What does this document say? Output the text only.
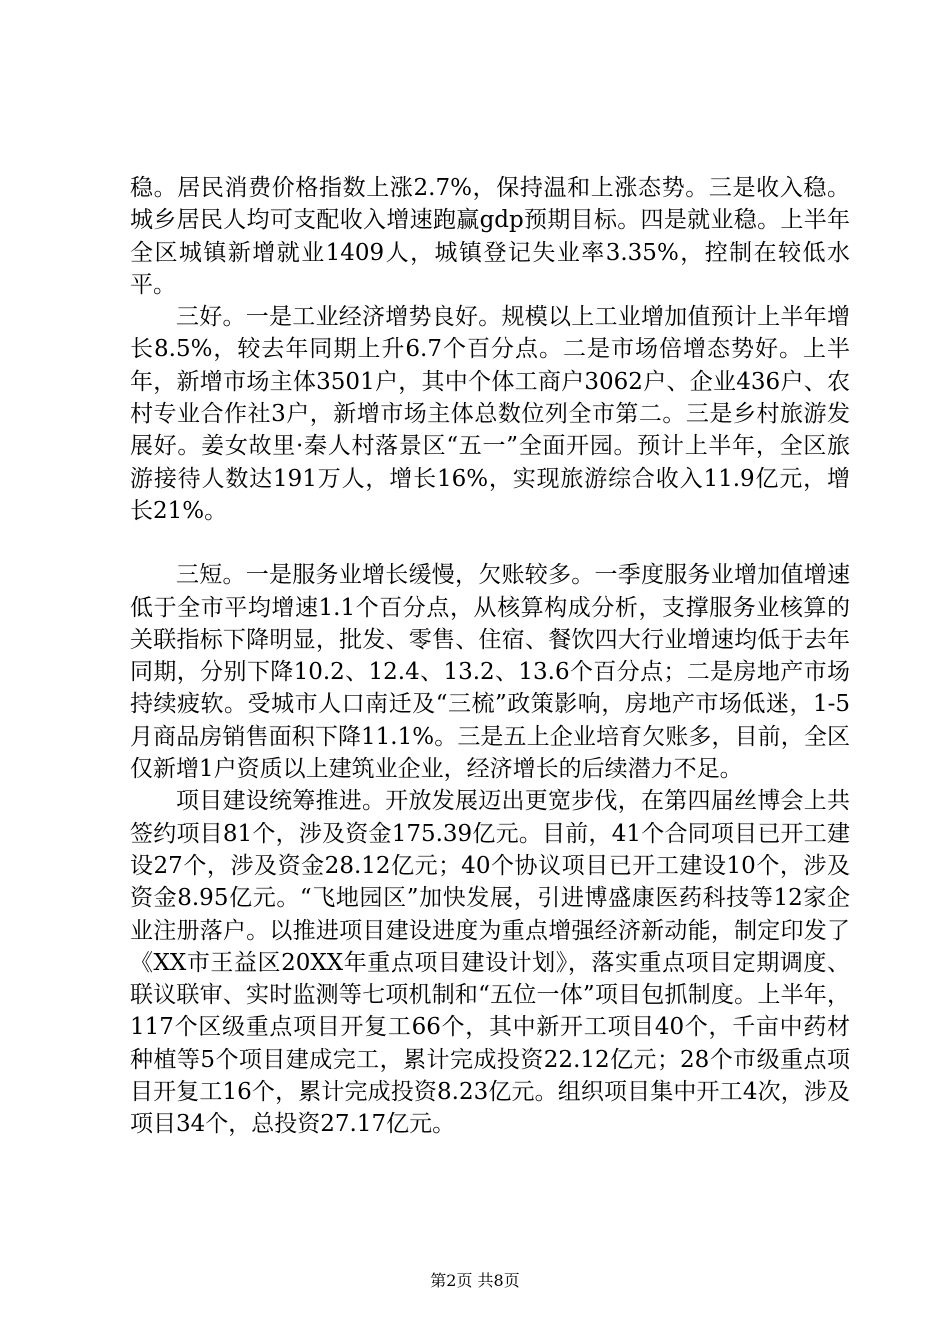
稳。居民消费价格指数上涨2.7%，保持温和上涨态势。三是收入稳。城乡居民人均可支配收入增速跑赢gdp预期目标。四是就业稳。上半年全区城镇新增就业1409人，城镇登记失业率3.35%，控制在较低水平。

三好。一是工业经济增势良好。规模以上工业增加值预计上半年增长8.5%，较去年同期上升6.7个百分点。二是市场倍增态势好。上半年，新增市场主体3501户，其中个体工商户3062户、企业436户、农村专业合作社3户，新增市场主体总数位列全市第二。三是乡村旅游发展好。姜女故里·秦人村落景区“五一”全面开园。预计上半年，全区旅游接待人数达191万人，增长16%，实现旅游综合收入11.9亿元，增长21%。

三短。一是服务业增长缓慢，欠账较多。一季度服务业增加值增速低于全市平均增速1.1个百分点，从核算构成分析，支撑服务业核算的关联指标下降明显，批发、零售、住宿、餐饮四大行业增速均低于去年同期，分别下降10.2、12.4、13.2、13.6个百分点；二是房地产市场持续疲软。受城市人口南迁及“三梳”政策影响，房地产市场低迷，1-5月商品房销售面积下降11.1%。三是五上企业培育欠账多，目前，全区仅新增1户资质以上建筑业企业，经济增长的后续潜力不足。

项目建设统筹推进。开放发展迈出更宽步伐，在第四届丝博会上共签约项目81个，涉及资金175.39亿元。目前，41个合同项目已开工建设27个，涉及资金28.12亿元；40个协议项目已开工建设10个，涉及资金8.95亿元。“飞地园区”加快发展，引进博盛康医药科技等12家企业注册落户。以推进项目建设进度为重点增强经济新动能，制定印发了《XX市王益区20XX年重点项目建设计划》，落实重点项目定期调度、联议联审、实时监测等七项机制和“五位一体”项目包抓制度。上半年，117个区级重点项目开复工66个，其中新开工项目40个，千亩中药材种植等5个项目建成完工，累计完成投资22.12亿元；28个市级重点项目开复工16个，累计完成投资8.23亿元。组织项目集中开工4次，涉及项目34个，总投资27.17亿元。

第2页 共8页
